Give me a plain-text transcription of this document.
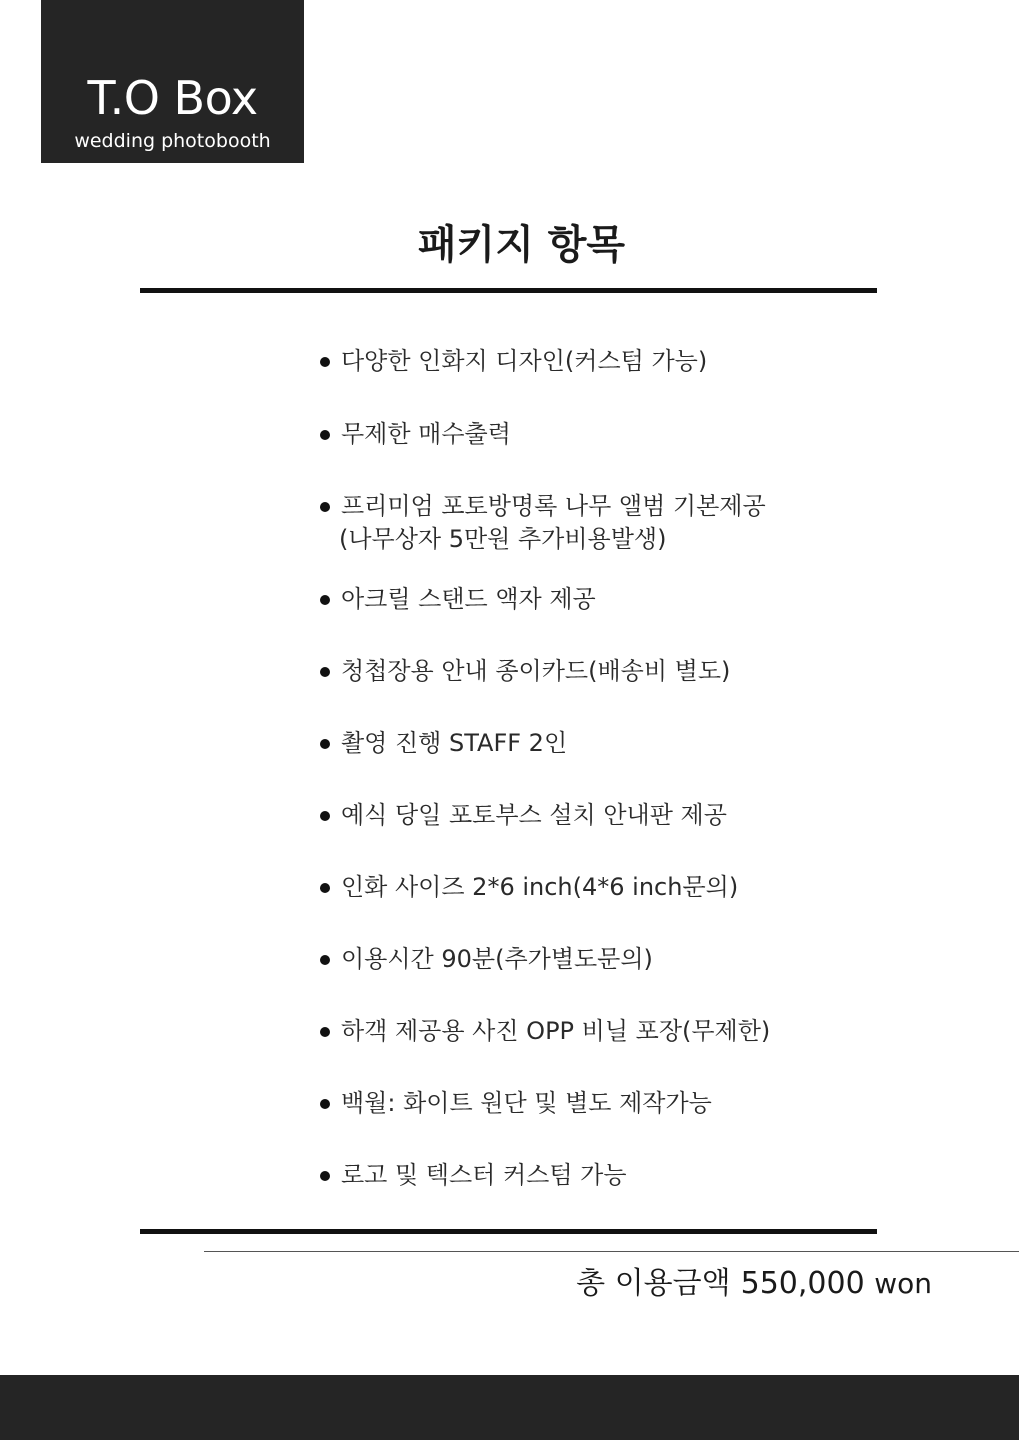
T.O Box
wedding photobooth
패키지 항목
다양한 인화지 디자인(커스텀 가능)
무제한 매수출력
프리미엄 포토방명록 나무 앨범 기본제공
(나무상자 5만원 추가비용발생)
아크릴 스탠드 액자 제공
청첩장용 안내 종이카드(배송비 별도)
촬영 진행 STAFF 2인
예식 당일 포토부스 설치 안내판 제공
인화 사이즈 2*6 inch(4*6 inch문의)
이용시간 90분(추가별도문의)
하객 제공용 사진 OPP 비닐 포장(무제한)
백월: 화이트 원단 및 별도 제작가능
로고 및 텍스터 커스텀 가능
총 이용금액 550,000 won
